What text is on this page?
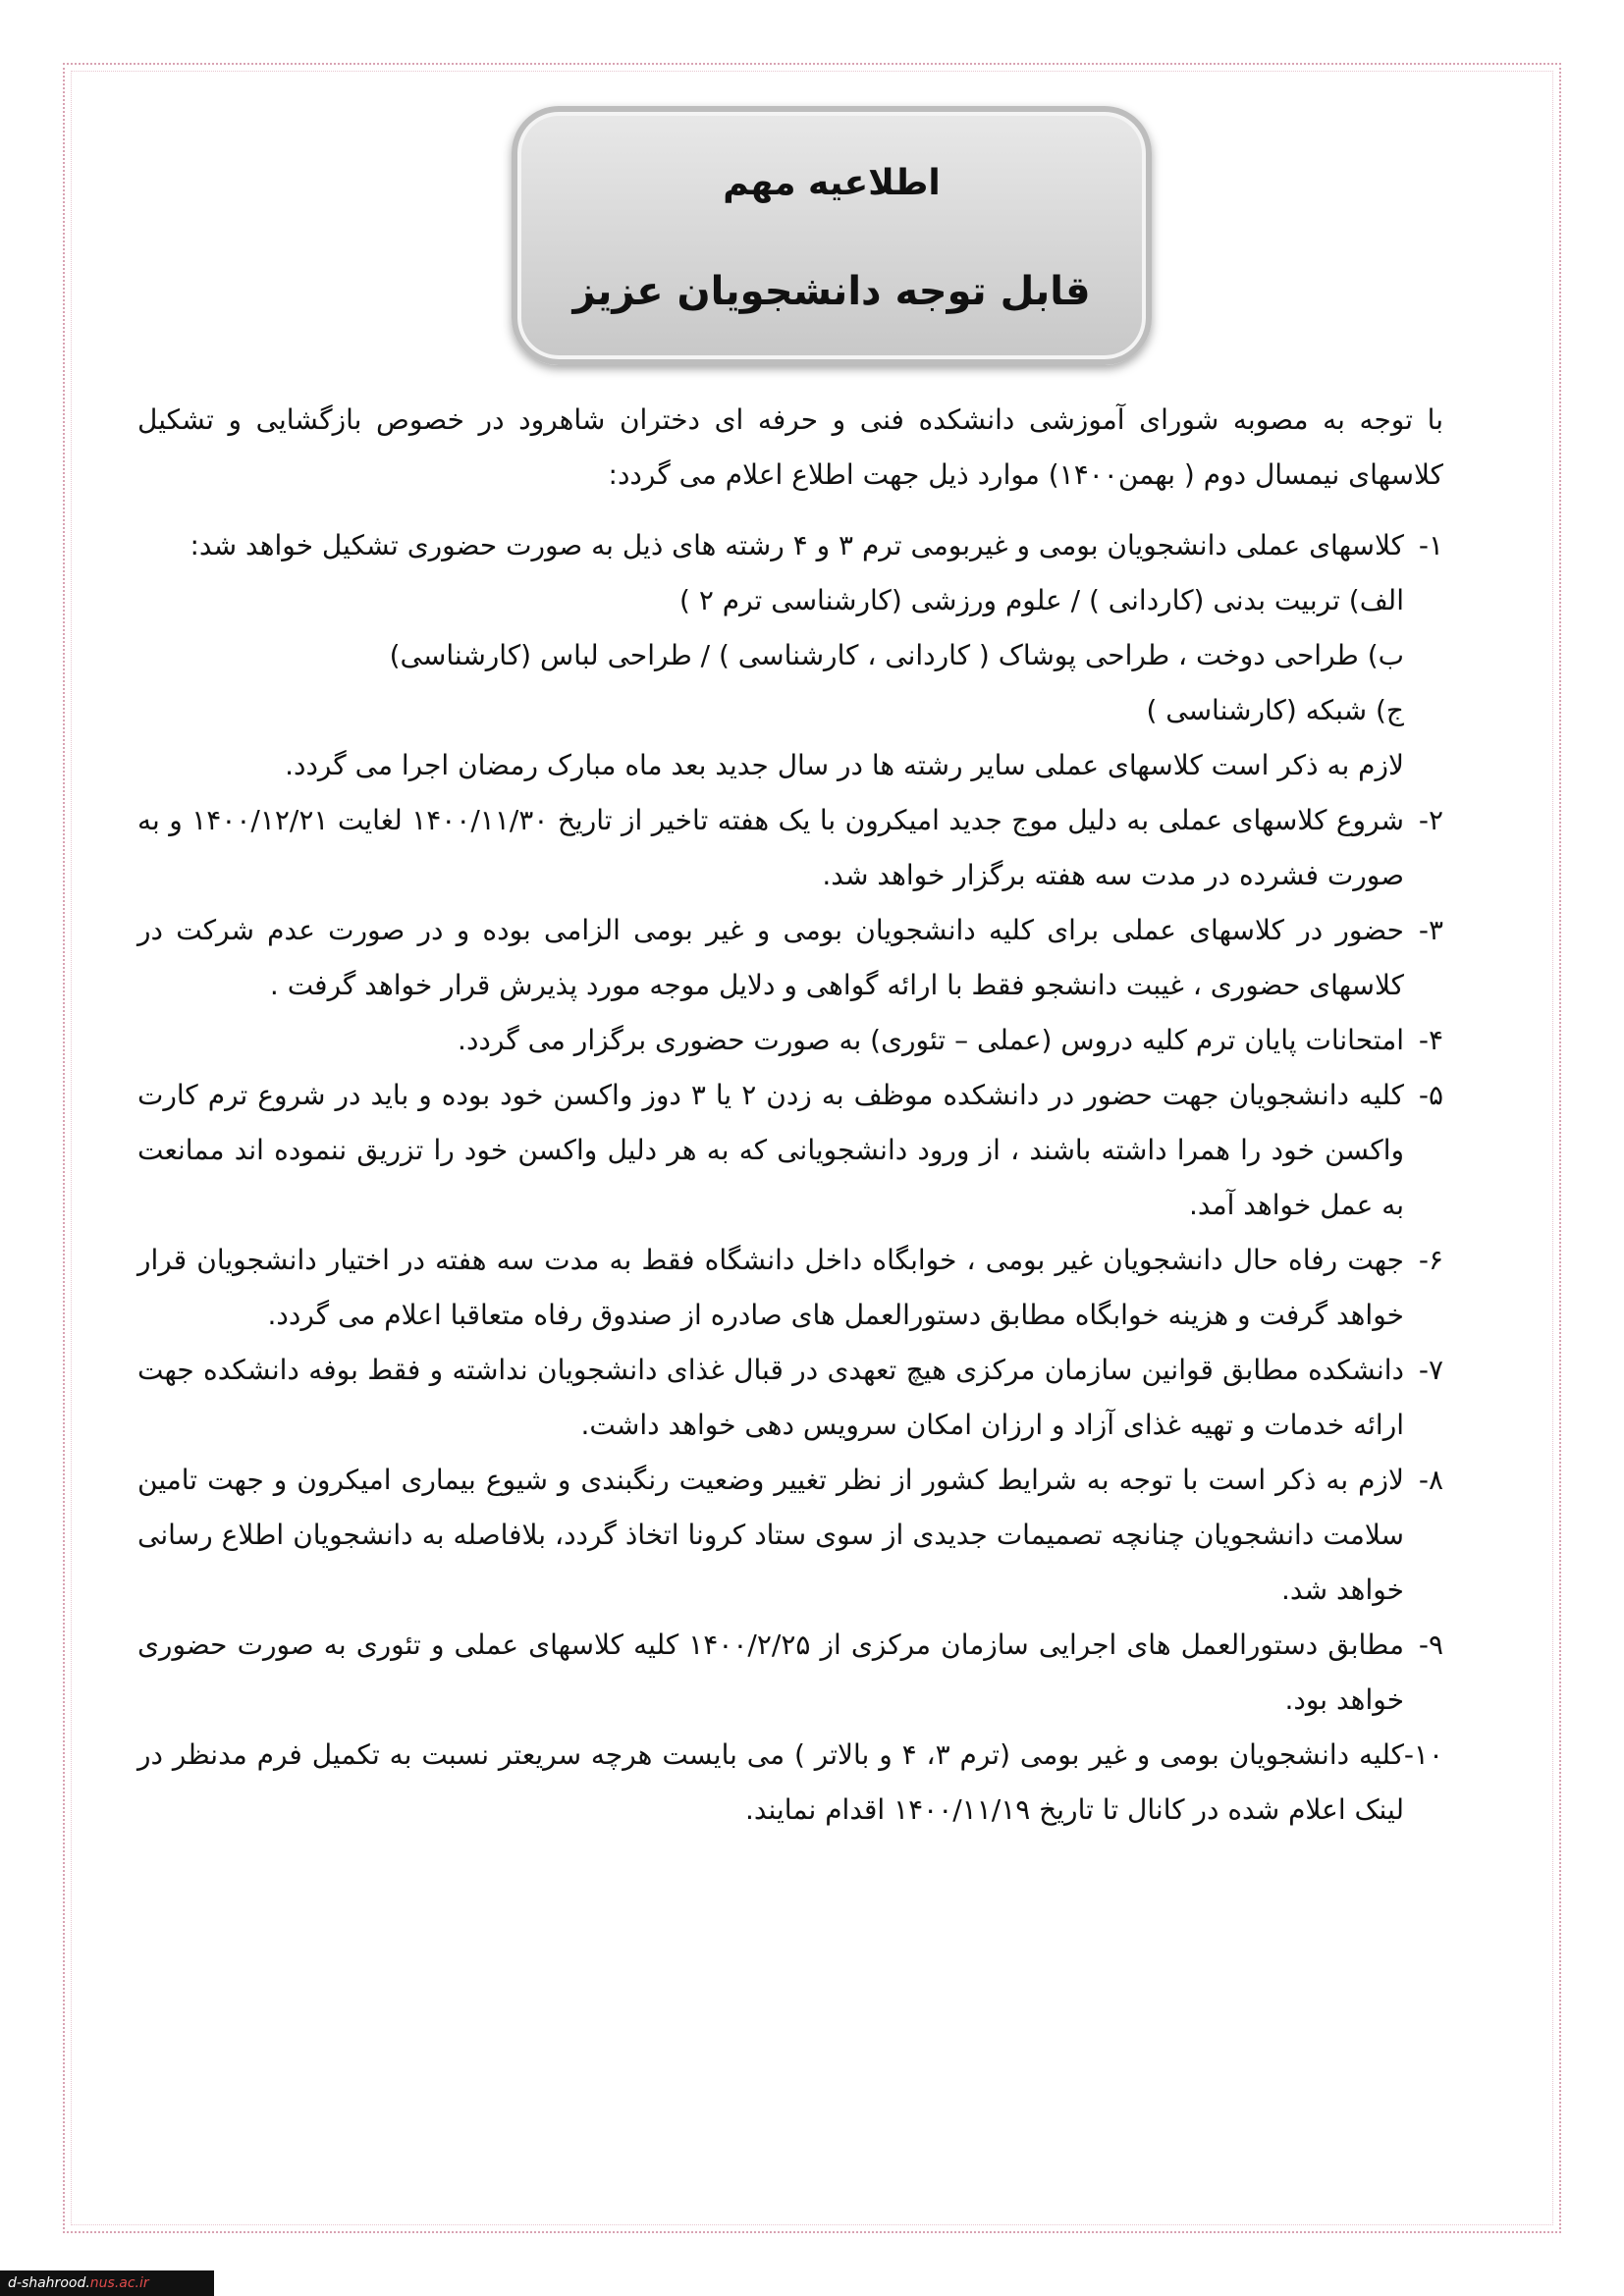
اطلاعیه مهم
قابل توجه دانشجویان عزیز

با توجه به مصوبه شورای آموزشی دانشکده فنی و حرفه ای دختران شاهرود در خصوص بازگشایی و تشکیل کلاسهای نیمسال دوم ( بهمن۱۴۰۰) موارد ذیل جهت اطلاع اعلام می گردد:

۱-

کلاسهای عملی دانشجویان بومی و غیربومی ترم ۳ و ۴ رشته های ذیل به صورت حضوری تشکیل خواهد شد:

الف) تربیت بدنی (کاردانی ) / علوم ورزشی (کارشناسی ترم ۲ )

ب) طراحی دوخت ، طراحی پوشاک ( کاردانی ، کارشناسی ) / طراحی لباس (کارشناسی)

ج) شبکه (کارشناسی )

لازم به ذکر است کلاسهای عملی سایر رشته ها در سال جدید بعد ماه مبارک رمضان اجرا می گردد.

۲-

شروع کلاسهای عملی به دلیل موج جدید امیکرون با یک هفته تاخیر از تاریخ ۱۴۰۰/۱۱/۳۰ لغایت ۱۴۰۰/۱۲/۲۱ و به صورت فشرده در مدت سه هفته برگزار خواهد شد.

۳-

حضور در کلاسهای عملی برای کلیه دانشجویان بومی و غیر بومی الزامی بوده و در صورت عدم شرکت در کلاسهای حضوری ، غیبت دانشجو فقط با ارائه گواهی و دلایل موجه مورد پذیرش قرار خواهد گرفت .

۴-

امتحانات پایان ترم کلیه دروس (عملی – تئوری) به صورت حضوری برگزار می گردد.

۵-

کلیه دانشجویان جهت حضور در دانشکده موظف به زدن ۲ یا ۳ دوز واکسن خود بوده و باید در شروع ترم کارت واکسن خود را همرا داشته باشند ، از ورود دانشجویانی که به هر دلیل واکسن خود را تزریق ننموده اند ممانعت به عمل خواهد آمد.

۶-

جهت رفاه حال دانشجویان غیر بومی ، خوابگاه داخل دانشگاه فقط به مدت سه هفته در اختیار دانشجویان قرار خواهد گرفت و هزینه خوابگاه مطابق دستورالعمل های صادره از صندوق رفاه متعاقبا اعلام می گردد.

۷-

دانشکده مطابق قوانین سازمان مرکزی هیچ تعهدی در قبال غذای دانشجویان نداشته و فقط بوفه دانشکده جهت ارائه خدمات و تهیه غذای آزاد و ارزان امکان سرویس دهی خواهد داشت.

۸-

لازم به ذکر است با توجه به شرایط کشور از نظر تغییر وضعیت رنگبندی و شیوع بیماری امیکرون و جهت تامین سلامت دانشجویان چنانچه تصمیمات جدیدی از سوی ستاد کرونا اتخاذ گردد، بلافاصله به دانشجویان اطلاع رسانی خواهد شد.

۹-

مطابق دستورالعمل های اجرایی سازمان مرکزی از ۱۴۰۰/۲/۲۵ کلیه کلاسهای عملی و تئوری به صورت حضوری خواهد بود.

۱۰-

کلیه دانشجویان بومی و غیر بومی (ترم ۳، ۴ و بالاتر ) می بایست هرچه سریعتر نسبت به تکمیل فرم مدنظر در لینک اعلام شده در کانال تا تاریخ ۱۴۰۰/۱۱/۱۹ اقدام نمایند.

d-shahrood.nus.ac.ir
